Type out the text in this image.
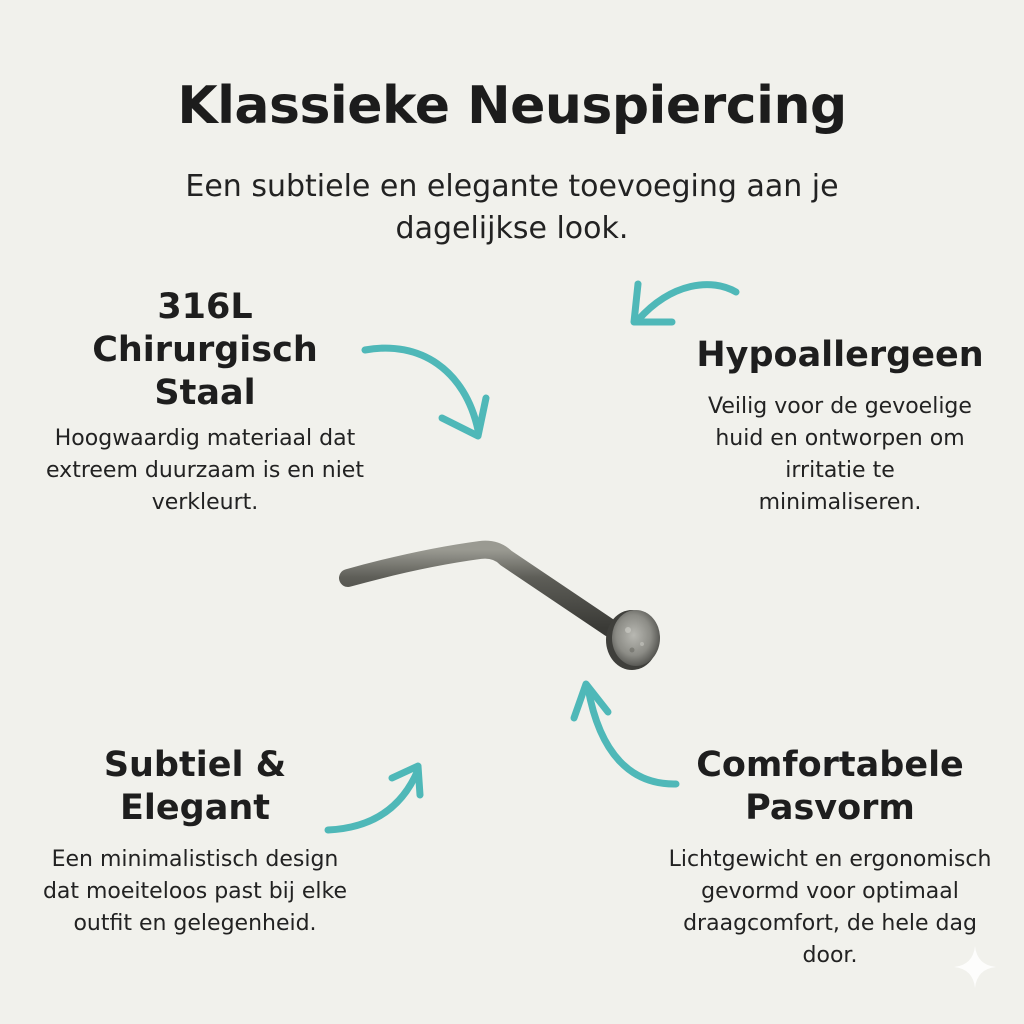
Klassieke Neuspiercing
Een subtiele en elegante toevoeging aan je dagelijkse look.
316L Chirurgisch Staal
Hoogwaardig materiaal dat extreem duurzaam is en niet verkleurt.
Hypoallergeen
Veilig voor de gevoelige huid en ontworpen om irritatie te minimaliseren.
Subtiel & Elegant
Een minimalistisch design dat moeiteloos past bij elke outfit en gelegenheid.
Comfortabele Pasvorm
Lichtgewicht en ergonomisch gevormd voor optimaal draagcomfort, de hele dag door.
